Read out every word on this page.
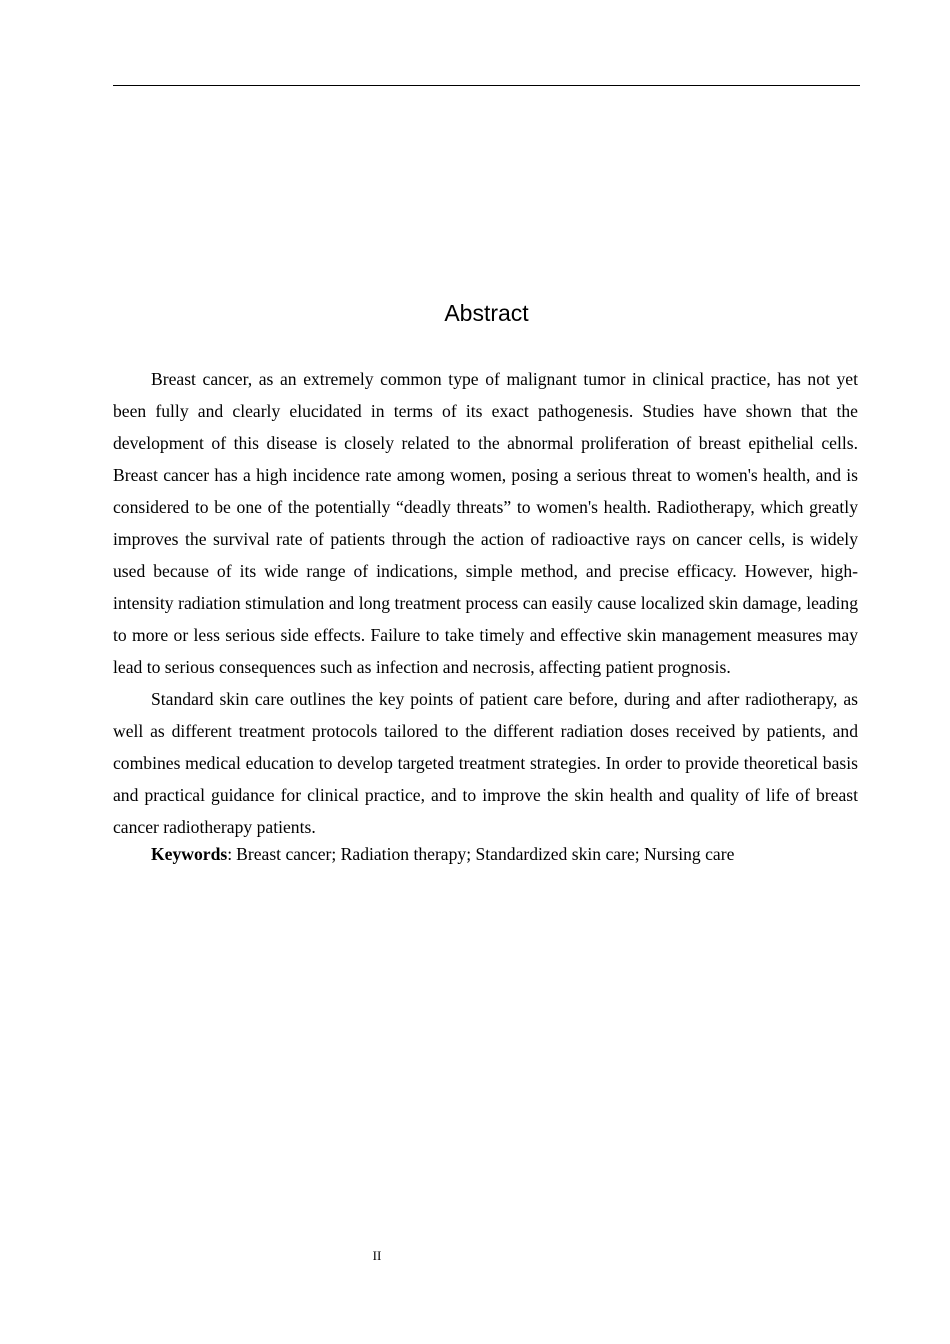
Abstract

Breast cancer, as an extremely common type of malignant tumor in clinical practice, has not yet been fully and clearly elucidated in terms of its exact pathogenesis. Studies have shown that the development of this disease is closely related to the abnormal proliferation of breast epithelial cells. Breast cancer has a high incidence rate among women, posing a serious threat to women's health, and is considered to be one of the potentially “deadly threats” to women's health. Radiotherapy, which greatly improves the survival rate of patients through the action of radioactive rays on cancer cells, is widely used because of its wide range of indications, simple method, and precise efficacy. However, high-intensity radiation stimulation and long treatment process can easily cause localized skin damage, leading to more or less serious side effects. Failure to take timely and effective skin management measures may lead to serious consequences such as infection and necrosis, affecting patient prognosis.

Standard skin care outlines the key points of patient care before, during and after radiotherapy, as well as different treatment protocols tailored to the different radiation doses received by patients, and combines medical education to develop targeted treatment strategies. In order to provide theoretical basis and practical guidance for clinical practice, and to improve the skin health and quality of life of breast cancer radiotherapy patients.

Keywords: Breast cancer; Radiation therapy; Standardized skin care; Nursing care

II
